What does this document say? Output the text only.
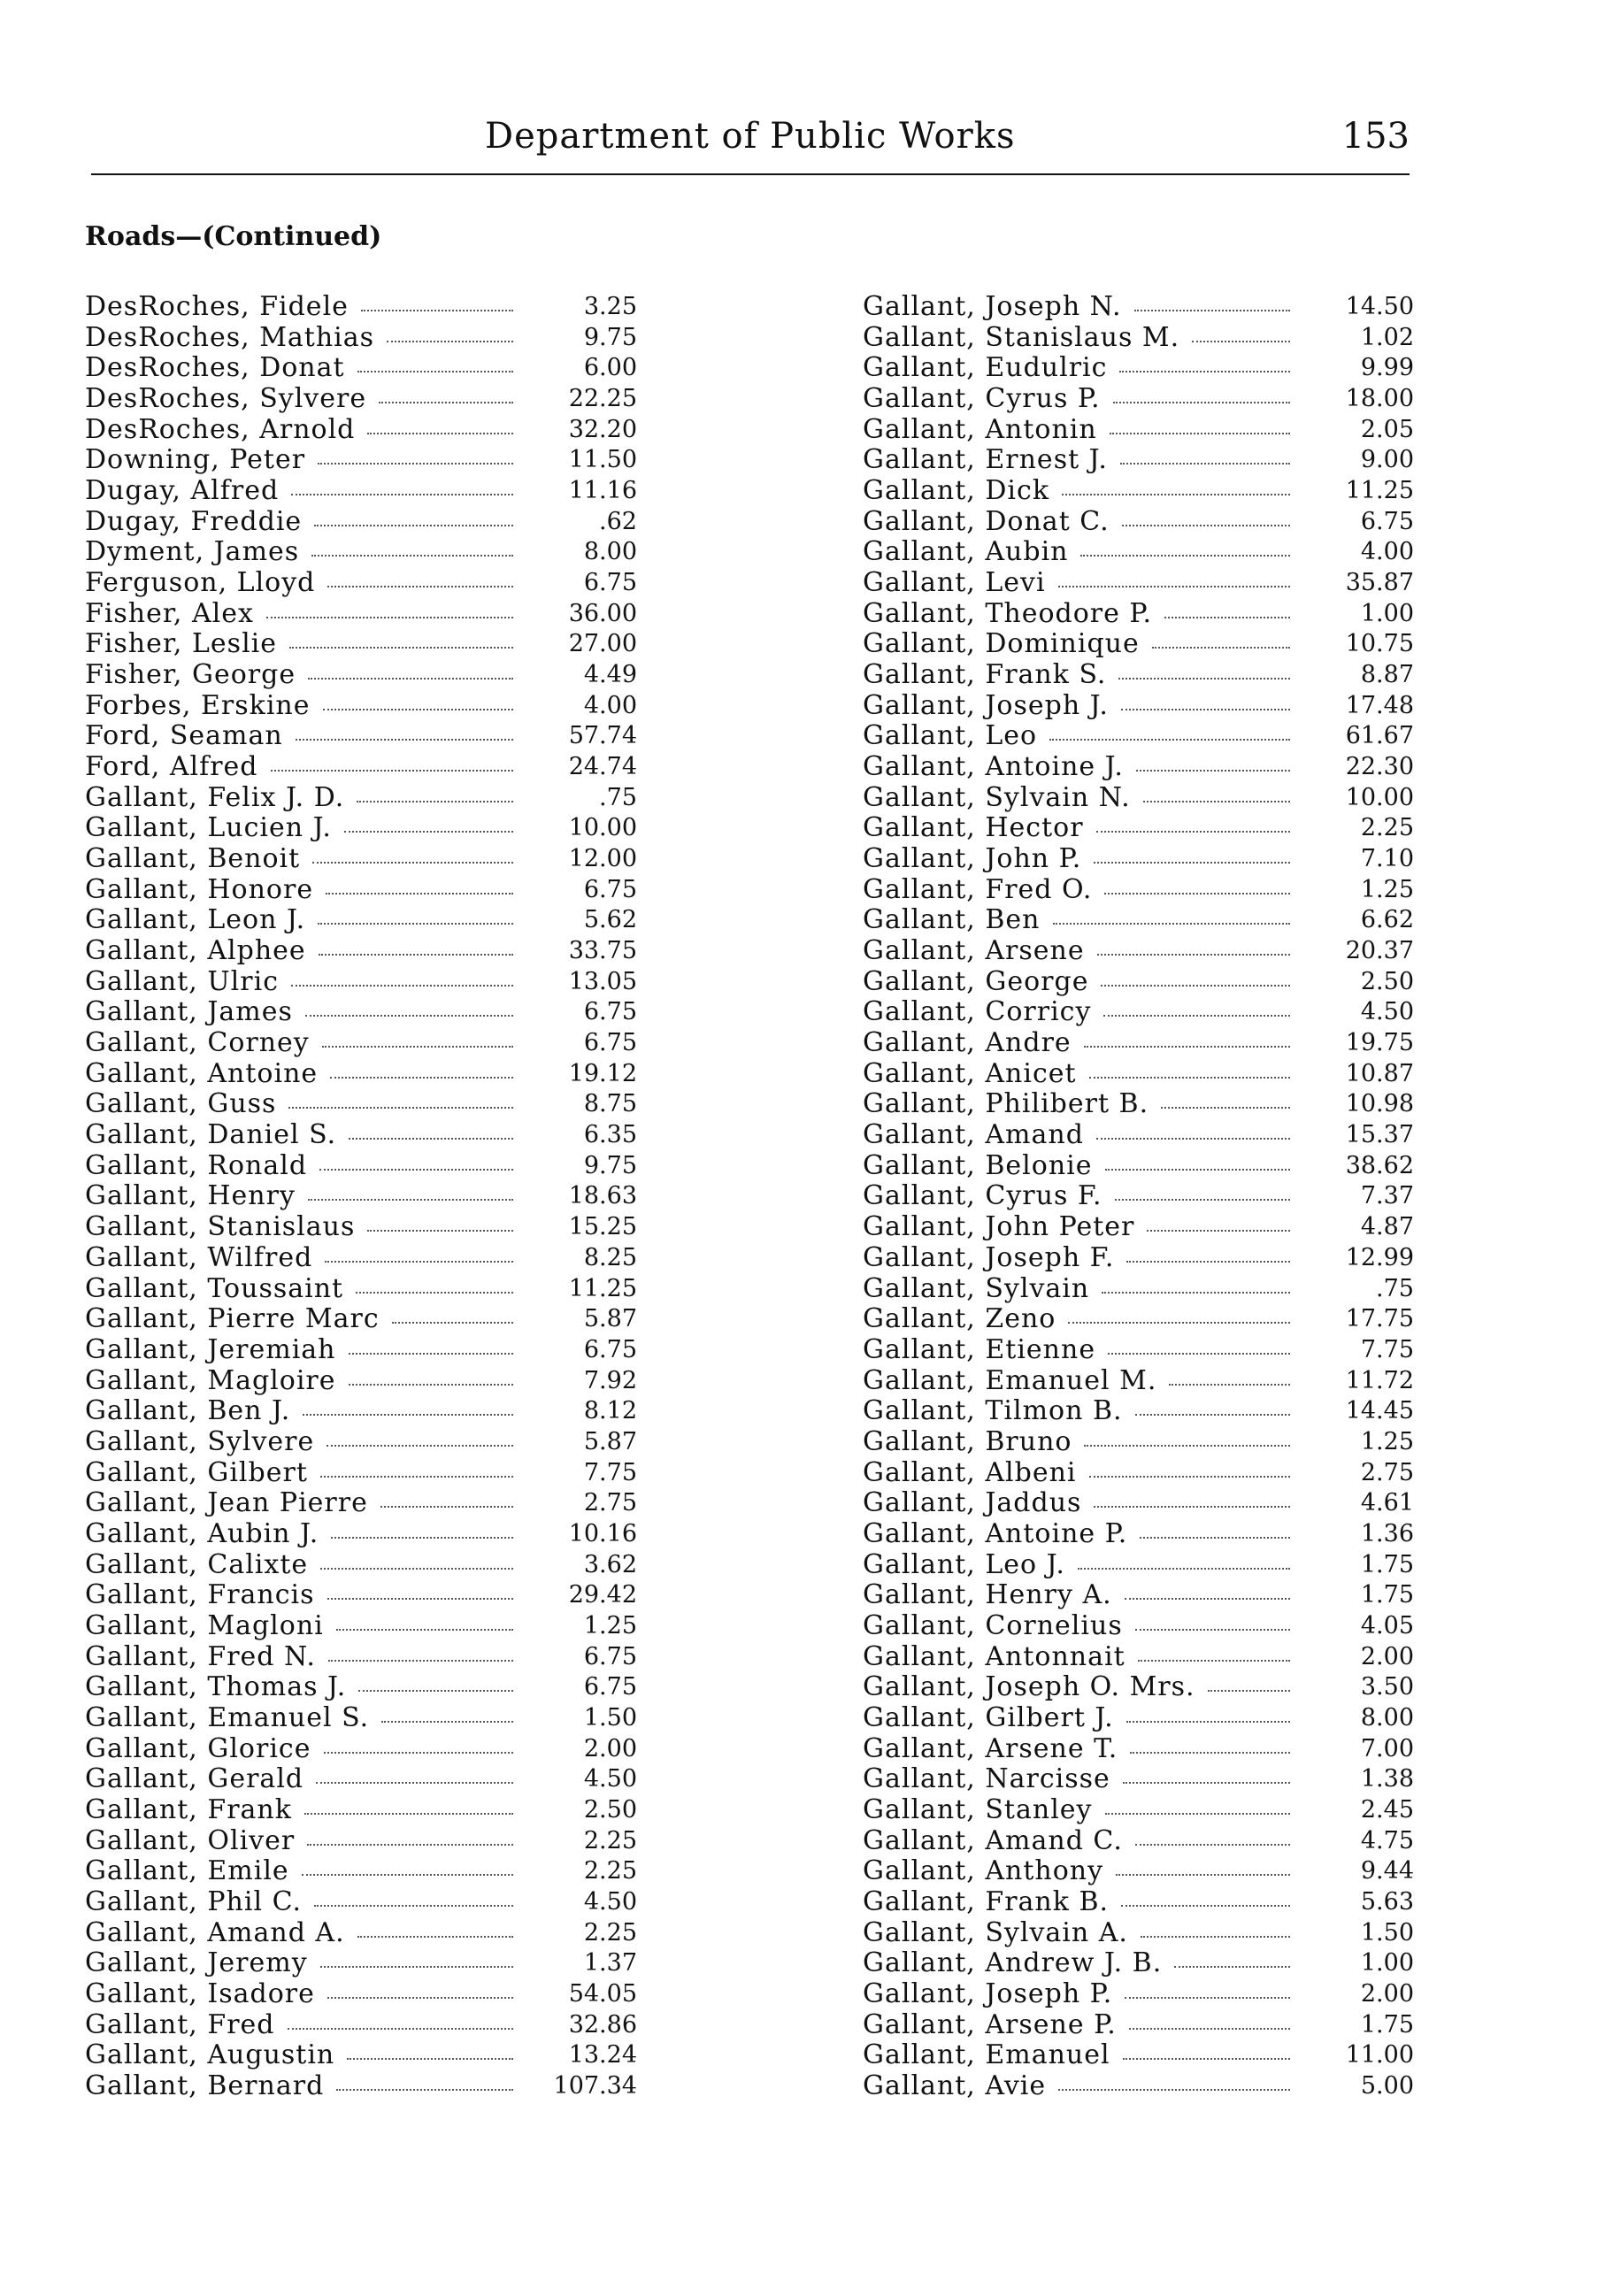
Department of Public Works	153
Roads—(Continued)
DesRoches, Fidele	3.25
DesRoches, Mathias	9.75
DesRoches, Donat	6.00
DesRoches, Sylvere	22.25
DesRoches, Arnold	32.20
Downing, Peter	11.50
Dugay, Alfred	11.16
Dugay, Freddie	.62
Dyment, James	8.00
Ferguson, Lloyd	6.75
Fisher, Alex	36.00
Fisher, Leslie	27.00
Fisher, George	4.49
Forbes, Erskine	4.00
Ford, Seaman	57.74
Ford, Alfred	24.74
Gallant, Felix J. D.	.75
Gallant, Lucien J.	10.00
Gallant, Benoit	12.00
Gallant, Honore	6.75
Gallant, Leon J.	5.62
Gallant, Alphee	33.75
Gallant, Ulric	13.05
Gallant, James	6.75
Gallant, Corney	6.75
Gallant, Antoine	19.12
Gallant, Guss	8.75
Gallant, Daniel S.	6.35
Gallant, Ronald	9.75
Gallant, Henry	18.63
Gallant, Stanislaus	15.25
Gallant, Wilfred	8.25
Gallant, Toussaint	11.25
Gallant, Pierre Marc	5.87
Gallant, Jeremiah	6.75
Gallant, Magloire	7.92
Gallant, Ben J.	8.12
Gallant, Sylvere	5.87
Gallant, Gilbert	7.75
Gallant, Jean Pierre	2.75
Gallant, Aubin J.	10.16
Gallant, Calixte	3.62
Gallant, Francis	29.42
Gallant, Magloni	1.25
Gallant, Fred N.	6.75
Gallant, Thomas J.	6.75
Gallant, Emanuel S.	1.50
Gallant, Glorice	2.00
Gallant, Gerald	4.50
Gallant, Frank	2.50
Gallant, Oliver	2.25
Gallant, Emile	2.25
Gallant, Phil C.	4.50
Gallant, Amand A.	2.25
Gallant, Jeremy	1.37
Gallant, Isadore	54.05
Gallant, Fred	32.86
Gallant, Augustin	13.24
Gallant, Bernard	107.34
Gallant, Joseph N.	14.50
Gallant, Stanislaus M.	1.02
Gallant, Eudulric	9.99
Gallant, Cyrus P.	18.00
Gallant, Antonin	2.05
Gallant, Ernest J.	9.00
Gallant, Dick	11.25
Gallant, Donat C.	6.75
Gallant, Aubin	4.00
Gallant, Levi	35.87
Gallant, Theodore P.	1.00
Gallant, Dominique	10.75
Gallant, Frank S.	8.87
Gallant, Joseph J.	17.48
Gallant, Leo	61.67
Gallant, Antoine J.	22.30
Gallant, Sylvain N.	10.00
Gallant, Hector	2.25
Gallant, John P.	7.10
Gallant, Fred O.	1.25
Gallant, Ben	6.62
Gallant, Arsene	20.37
Gallant, George	2.50
Gallant, Corricy	4.50
Gallant, Andre	19.75
Gallant, Anicet	10.87
Gallant, Philibert B.	10.98
Gallant, Amand	15.37
Gallant, Belonie	38.62
Gallant, Cyrus F.	7.37
Gallant, John Peter	4.87
Gallant, Joseph F.	12.99
Gallant, Sylvain	.75
Gallant, Zeno	17.75
Gallant, Etienne	7.75
Gallant, Emanuel M.	11.72
Gallant, Tilmon B.	14.45
Gallant, Bruno	1.25
Gallant, Albeni	2.75
Gallant, Jaddus	4.61
Gallant, Antoine P.	1.36
Gallant, Leo J.	1.75
Gallant, Henry A.	1.75
Gallant, Cornelius	4.05
Gallant, Antonnait	2.00
Gallant, Joseph O. Mrs.	3.50
Gallant, Gilbert J.	8.00
Gallant, Arsene T.	7.00
Gallant, Narcisse	1.38
Gallant, Stanley	2.45
Gallant, Amand C.	4.75
Gallant, Anthony	9.44
Gallant, Frank B.	5.63
Gallant, Sylvain A.	1.50
Gallant, Andrew J. B.	1.00
Gallant, Joseph P.	2.00
Gallant, Arsene P.	1.75
Gallant, Emanuel	11.00
Gallant, Avie	5.00
